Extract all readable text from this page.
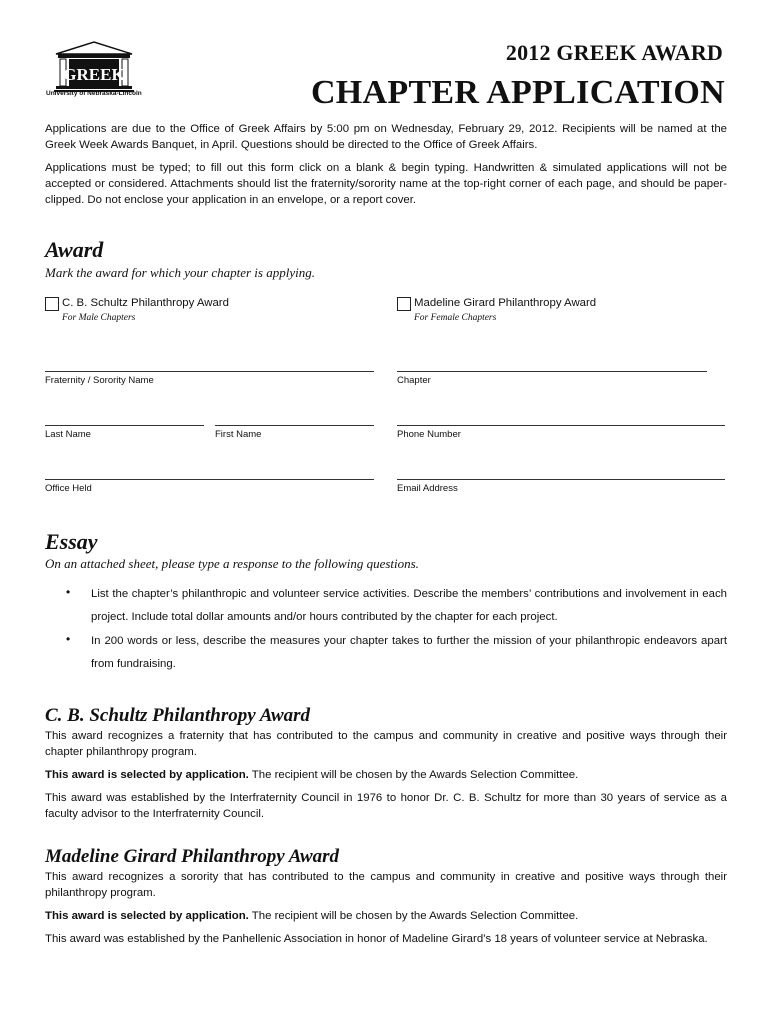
GREEK
University of Nebraska-Lincoln
2012 GREEK AWARD
CHAPTER APPLICATION
Applications are due to the Office of Greek Affairs by 5:00 pm on Wednesday, February 29, 2012. Recipients will be named at the Greek Week Awards Banquet, in April. Questions should be directed to the Office of Greek Affairs.
Applications must be typed; to fill out this form click on a blank & begin typing. Handwritten & simulated applications will not be accepted or considered. Attachments should list the fraternity/sorority name at the top-right corner of each page, and should be paper-clipped. Do not enclose your application in an envelope, or a report cover.
Award
Mark the award for which your chapter is applying.
C. B. Schultz Philanthropy Award
For Male Chapters
Madeline Girard Philanthropy Award
For Female Chapters
Fraternity / Sorority Name	Chapter
Last Name	First Name	Phone Number
Office Held	Email Address
Essay
On an attached sheet, please type a response to the following questions.
• List the chapter’s philanthropic and volunteer service activities. Describe the members’ contributions and involvement in each project. Include total dollar amounts and/or hours contributed by the chapter for each project.
• In 200 words or less, describe the measures your chapter takes to further the mission of your philanthropic endeavors apart from fundraising.
C. B. Schultz Philanthropy Award
This award recognizes a fraternity that has contributed to the campus and community in creative and positive ways through their chapter philanthropy program.
This award is selected by application. The recipient will be chosen by the Awards Selection Committee.
This award was established by the Interfraternity Council in 1976 to honor Dr. C. B. Schultz for more than 30 years of service as a faculty advisor to the Interfraternity Council.
Madeline Girard Philanthropy Award
This award recognizes a sorority that has contributed to the campus and community in creative and positive ways through their philanthropy program.
This award is selected by application. The recipient will be chosen by the Awards Selection Committee.
This award was established by the Panhellenic Association in honor of Madeline Girard’s 18 years of volunteer service at Nebraska.
